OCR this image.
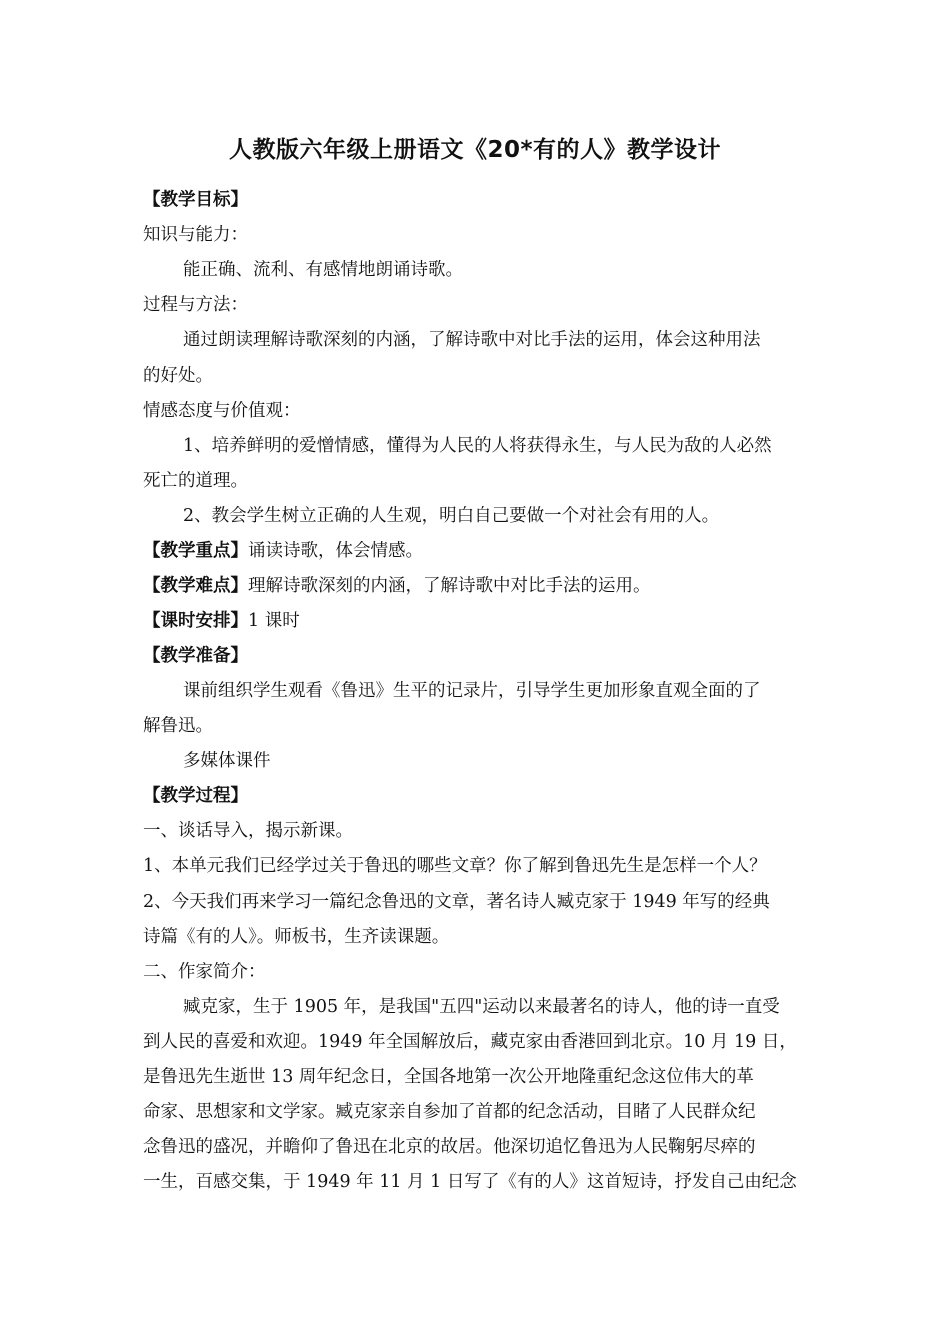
人教版六年级上册语文《20*有的人》教学设计
【教学目标】
知识与能力：
能正确、流利、有感情地朗诵诗歌。
过程与方法：
通过朗读理解诗歌深刻的内涵，了解诗歌中对比手法的运用，体会这种用法
的好处。
情感态度与价值观：
1、培养鲜明的爱憎情感，懂得为人民的人将获得永生，与人民为敌的人必然
死亡的道理。
2、教会学生树立正确的人生观，明白自己要做一个对社会有用的人。
【教学重点】诵读诗歌，体会情感。
【教学难点】理解诗歌深刻的内涵，了解诗歌中对比手法的运用。
【课时安排】1 课时
【教学准备】
课前组织学生观看《鲁迅》生平的记录片，引导学生更加形象直观全面的了
解鲁迅。
多媒体课件
【教学过程】
一、谈话导入，揭示新课。
1、本单元我们已经学过关于鲁迅的哪些文章？你了解到鲁迅先生是怎样一个人？
2、今天我们再来学习一篇纪念鲁迅的文章，著名诗人臧克家于 1949 年写的经典
诗篇《有的人》。师板书，生齐读课题。
二、作家简介：
臧克家，生于 1905 年，是我国"五四"运动以来最著名的诗人，他的诗一直受
到人民的喜爱和欢迎。1949 年全国解放后，藏克家由香港回到北京。10 月 19 日，
是鲁迅先生逝世 13 周年纪念日，全国各地第一次公开地隆重纪念这位伟大的革
命家、思想家和文学家。臧克家亲自参加了首都的纪念活动，目睹了人民群众纪
念鲁迅的盛况，并瞻仰了鲁迅在北京的故居。他深切追忆鲁迅为人民鞠躬尽瘁的
一生，百感交集，于 1949 年 11 月 1 日写了《有的人》这首短诗，抒发自己由纪念
